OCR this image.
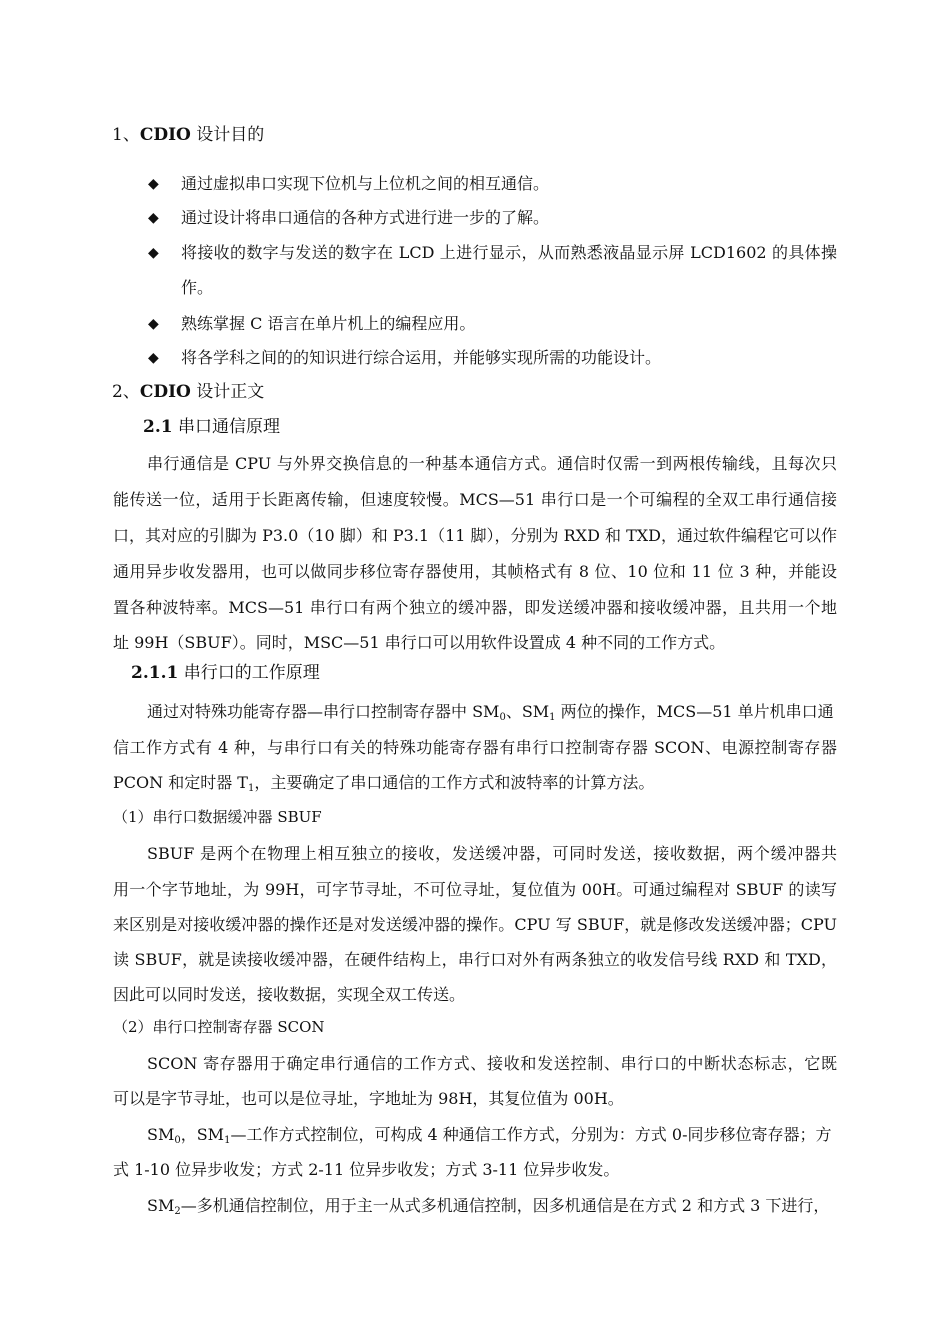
1、CDIO 设计目的
◆ 通过虚拟串口实现下位机与上位机之间的相互通信。
◆ 通过设计将串口通信的各种方式进行进一步的了解。
◆ 将接收的数字与发送的数字在 LCD 上进行显示，从而熟悉液晶显示屏 LCD1602 的具体操
作。
◆ 熟练掌握 C 语言在单片机上的编程应用。
◆ 将各学科之间的的知识进行综合运用，并能够实现所需的功能设计。
2、CDIO 设计正文
2.1 串口通信原理
串行通信是 CPU 与外界交换信息的一种基本通信方式。通信时仅需一到两根传输线，且每次只
能传送一位，适用于长距离传输，但速度较慢。MCS—51 串行口是一个可编程的全双工串行通信接
口，其对应的引脚为 P3.0（10 脚）和 P3.1（11 脚），分别为 RXD 和 TXD，通过软件编程它可以作
通用异步收发器用，也可以做同步移位寄存器使用，其帧格式有 8 位、10 位和 11 位 3 种，并能设
置各种波特率。MCS—51 串行口有两个独立的缓冲器，即发送缓冲器和接收缓冲器，且共用一个地
址 99H（SBUF）。同时，MSC—51 串行口可以用软件设置成 4 种不同的工作方式。
2.1.1 串行口的工作原理
通过对特殊功能寄存器—串行口控制寄存器中 $SM_0$、$SM_1$ 两位的操作，MCS—51 单片机串口通
信工作方式有 4 种，与串行口有关的特殊功能寄存器有串行口控制寄存器 SCON、电源控制寄存器
PCON 和定时器 $T_1$，主要确定了串口通信的工作方式和波特率的计算方法。
（1）串行口数据缓冲器 SBUF
SBUF 是两个在物理上相互独立的接收，发送缓冲器，可同时发送，接收数据，两个缓冲器共
用一个字节地址，为 99H，可字节寻址，不可位寻址，复位值为 00H。可通过编程对 SBUF 的读写
来区别是对接收缓冲器的操作还是对发送缓冲器的操作。CPU 写 SBUF，就是修改发送缓冲器；CPU
读 SBUF，就是读接收缓冲器，在硬件结构上，串行口对外有两条独立的收发信号线 RXD 和 TXD，
因此可以同时发送，接收数据，实现全双工传送。
（2）串行口控制寄存器 SCON
SCON 寄存器用于确定串行通信的工作方式、接收和发送控制、串行口的中断状态标志，它既
可以是字节寻址，也可以是位寻址，字地址为 98H，其复位值为 00H。
$SM_0$，$SM_1—$工作方式控制位，可构成 4 种通信工作方式，分别为：方式 0-同步移位寄存器；方
式 1-10 位异步收发；方式 2-11 位异步收发；方式 3-11 位异步收发。
$SM_2—$多机通信控制位，用于主一从式多机通信控制，因多机通信是在方式 2 和方式 3 下进行，
